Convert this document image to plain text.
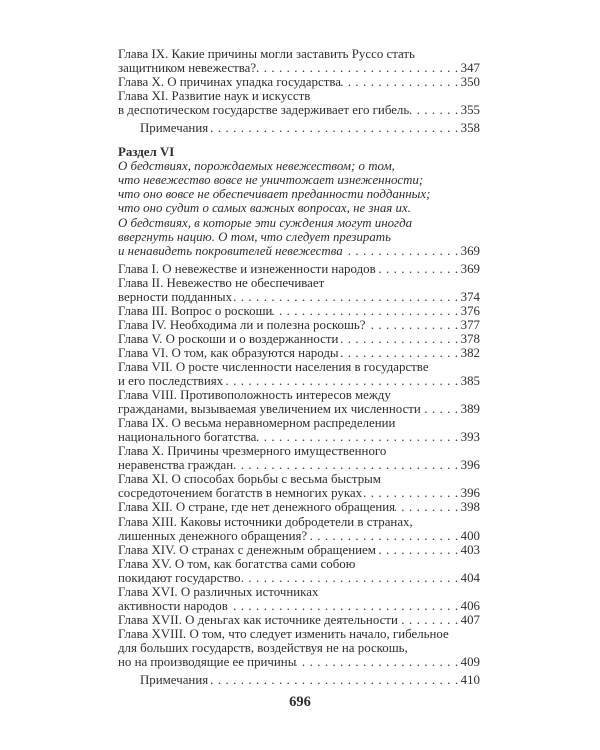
Глава IX. Какие причины могли заставить Руссо стать
защитником невежества? . . .	347
Глава X. О причинах упадка государства . . .	350
Глава XI. Развитие наук и искусств
в деспотическом государстве задерживает его гибель . . .	355
Примечания . . .	358
Раздел VI
О бедствиях, порождаемых невежеством; о том,
что невежество вовсе не уничтожает изнеженности;
что оно вовсе не обеспечивает преданности подданных;
что оно судит о самых важных вопросах, не зная их.
О бедствиях, в которые эти суждения могут иногда
ввергнуть нацию. О том, что следует презирать
и ненавидеть покровителей невежества . . .	369
Глава I. О невежестве и изнеженности народов . . .	369
Глава II. Невежество не обеспечивает
верности подданных . . .	374
Глава III. Вопрос о роскоши . . .	376
Глава IV. Необходима ли и полезна роскошь? . . .	377
Глава V. О роскоши и о воздержанности . . .	378
Глава VI. О том, как образуются народы . . .	382
Глава VII. О росте численности населения в государстве
и его последствиях . . .	385
Глава VIII. Противоположность интересов между
гражданами, вызываемая увеличением их численности . . .	389
Глава IX. О весьма неравномерном распределении
национального богатства . . .	393
Глава X. Причины чрезмерного имущественного
неравенства граждан . . .	396
Глава XI. О способах борьбы с весьма быстрым
сосредоточением богатств в немногих руках . . .	396
Глава XII. О стране, где нет денежного обращения . . .	398
Глава XIII. Каковы источники добродетели в странах,
лишенных денежного обращения? . . .	400
Глава XIV. О странах с денежным обращением . . .	403
Глава XV. О том, как богатства сами собою
покидают государство . . .	404
Глава XVI. О различных источниках
активности народов . . .	406
Глава XVII. О деньгах как источнике деятельности . . .	407
Глава XVIII. О том, что следует изменить начало, гибельное
для больших государств, воздействуя не на роскошь,
но на производящие ее причины . . .	409
Примечания . . .	410
696
